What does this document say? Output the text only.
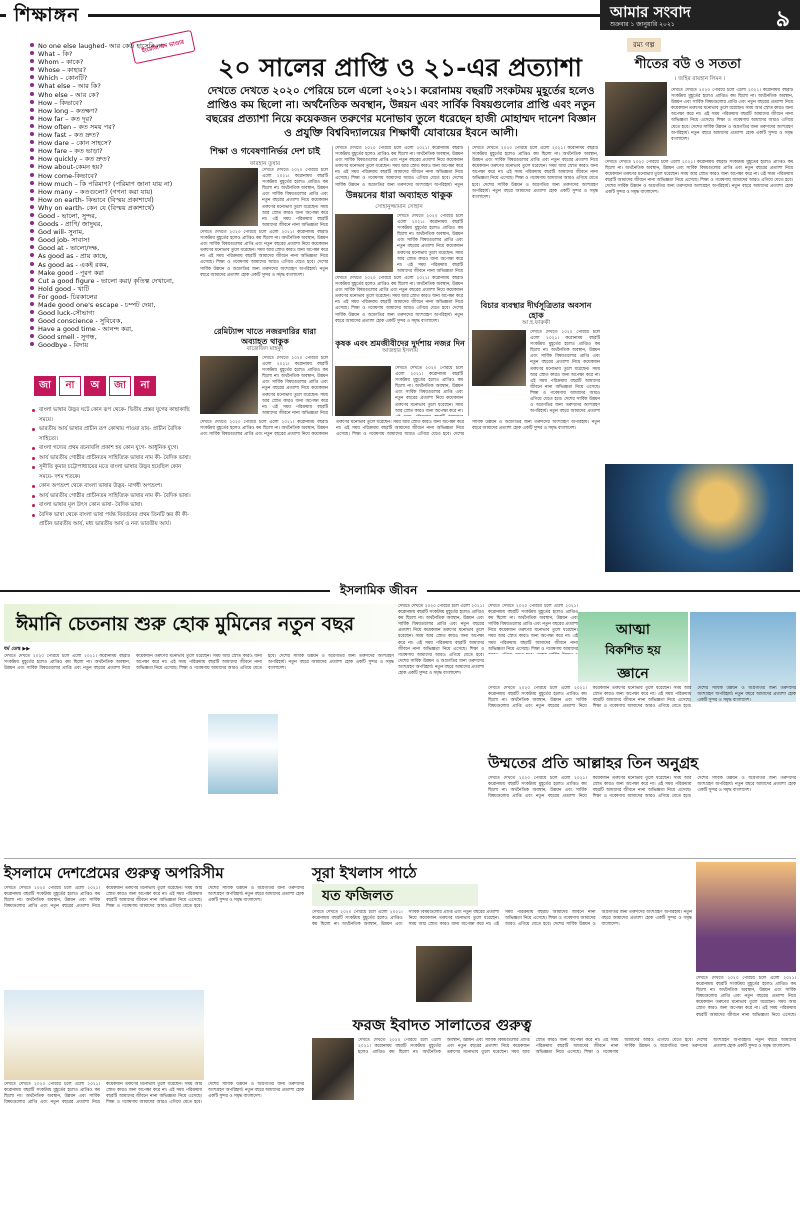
শিক্ষাঙ্গন	আমার সংবাদ
শুক্রবার ১ জানুয়ারি ২০২১	৯
ইংরেজি শব্দ ভাণ্ডার
No one else laughed- আর কেউ হাসেনি না।
What – কি?
Whom – কাকে?
Whose – কাহার?
Which – কোনটি?
What else – আর কি?
Who else – আর কে?
How – কিভাবে?
How long – কতক্ষণ?
How far – কত দূর?
How often – কত সময় পর?
How fast – কত দ্রুত?
How dare – কোন সাহসে?
How fare – কত ভাড়া?
How quickly – কত দ্রুত?
How about-কেমন হয়?
How come-কিভাবে?
How much – কি পরিমাণ? (পরিমাণ জানা যায় না)
How many – কতগুলো? (গণনা করা যায়)
How on earth- কিভাবে (বিস্ময় প্রকাশার্থে)
Why on earth- কেন যে (বিস্ময় প্রকাশার্থে)
Good - ভালো, সুন্দর,
Goods - প্রাণি/ জাদুঘর,
God will- সুনাম,
Good job- সাবাস!
Good at - ভালো/দক্ষ,
As good as - প্রায় কাছে,
As good as - একই রকম,
Make good - পূরণ করা
Cut a good figure - ভালো করা/ কৃতিত্ব দেখানো,
Hold good - খাটি
For good- চিরকালের
Made good one's escape - চম্পট দেয়া,
Good luck-সৌভাগ্য
Good conscience - সুবিবেক,
Have a good time - আনন্দ করা,
Good smell - সুগন্ধ,
Goodbye - বিদায়
জা	না	অ	জা	না
বাংলা ভাষার উদ্ভব ঘটে কোন রূপ থেকে- দ্বিতীয় প্রস্তর যুগের কাছাকাছি সময়ে।
ভারতীয় আর্য ভাষার প্রাচীন রূপ কোথায় পাওয়া যায়- প্রাচীন বৈদিক সাহিত্যে।
বাংলা গদ্যের প্রথম রচনাবলি প্রকাশ হয় কোন যুগে- আধুনিক যুগে।
আর্য ভারতীয় গোষ্ঠীর প্রাচীনতম সাহিত্যিক ভাষার নাম কী- বৈদিক ভাষা।
সূনীতি কুমার চট্টোপাধ্যায়ের মতে বাংলা ভাষার উদ্ভব হয়েছিল কোন সময়ে- দশম শতকে।
কোন অপভ্রংশ থেকে বাংলা ভাষার উদ্ভব- মাগধী অপভ্রংশ।
আর্য ভারতীয় গোষ্ঠীর প্রাচীনতম সাহিত্যিক ভাষার নাম কী- বৈদিক ভাষা।
বাংলা ভাষার মূল উৎস কোন ভাষা- বৈদিক ভাষা।
বৈদিক ভাষা থেকে বাংলা ভাষা পর্যন্ত বিবর্তনের প্রথম তিনটি স্তর কী কী- প্রাচীন ভারতীয় আর্য, মধ্য ভারতীয় আর্য ও নব্য ভারতীয় আর্য।
২০ সালের প্রাপ্তি ও ২১-এর প্রত্যাশা
দেখতে দেখতে ২০২০ পেরিয়ে চলে এলো ২০২১। করোনাময় বছরটি সংকটময় মুহূর্তের হলেও প্রাপ্তিও কম ছিলো না। অর্থনৈতিক অবস্থান, উন্নয়ন এবং সার্বিক বিষয়গুলোর প্রাপ্তি এবং নতুন বছরের প্রত্যাশা নিয়ে কয়েকজন তরুণের মনোভাব তুলে ধরেছেন হাজী মোহাম্মদ দানেশ বিজ্ঞান ও প্রযুক্তি বিশ্ববিদ্যালয়ের শিক্ষার্থী যোবায়ের ইবনে আলী।
শিক্ষা ও গবেষণানির্ভর দেশ চাই
ফারহান তুষার
দেখতে দেখতে ২০২০ পেরিয়ে চলে এলো ২০২১। করোনাময় বছরটি সংকটময় মুহূর্তের হলেও প্রাপ্তিও কম ছিলো না। অর্থনৈতিক অবস্থান, উন্নয়ন এবং সার্বিক বিষয়গুলোর প্রাপ্তি এবং নতুন বছরের প্রত্যাশা নিয়ে কয়েকজন তরুণের মনোভাব তুলে ধরেছেন। সময় আর স্রোত কারও জন্য অপেক্ষা করে না। এই সময় পরিক্রমায় বছরটি আমাদের জীবনে নানা অভিজ্ঞতা নিয়ে
দেখতে দেখতে ২০২০ পেরিয়ে চলে এলো ২০২১। করোনাময় বছরটি সংকটময় মুহূর্তের হলেও প্রাপ্তিও কম ছিলো না। অর্থনৈতিক অবস্থান, উন্নয়ন এবং সার্বিক বিষয়গুলোর প্রাপ্তি এবং নতুন বছরের প্রত্যাশা নিয়ে কয়েকজন তরুণের মনোভাব তুলে ধরেছেন। সময় আর স্রোত কারও জন্য অপেক্ষা করে না। এই সময় পরিক্রমায় বছরটি আমাদের জীবনে নানা অভিজ্ঞতা নিয়ে এসেছে। শিক্ষা ও গবেষণায় আমাদের আরও এগিয়ে যেতে হবে। দেশের সার্বিক উন্নয়ন ও অগ্রগতির জন্য তরুণদের অংশগ্রহণ অপরিহার্য। নতুন বছরে আমাদের প্রত্যাশা হোক একটি সুন্দর ও সমৃদ্ধ বাংলাদেশ।
দেখতে দেখতে ২০২০ পেরিয়ে চলে এলো ২০২১। করোনাময় বছরটি সংকটময় মুহূর্তের হলেও প্রাপ্তিও কম ছিলো না। অর্থনৈতিক অবস্থান, উন্নয়ন এবং সার্বিক বিষয়গুলোর প্রাপ্তি এবং নতুন বছরের প্রত্যাশা নিয়ে কয়েকজন তরুণের মনোভাব তুলে ধরেছেন। সময় আর স্রোত কারও জন্য অপেক্ষা করে না। এই সময় পরিক্রমায় বছরটি আমাদের জীবনে নানা অভিজ্ঞতা নিয়ে এসেছে। শিক্ষা ও গবেষণায় আমাদের আরও এগিয়ে যেতে হবে। দেশের সার্বিক উন্নয়ন ও অগ্রগতির জন্য তরুণদের অংশগ্রহণ অপরিহার্য। নতুন
উন্নয়নের ধারা অব্যাহত থাকুক
সোহানুজ্জামান সোহান
দেখতে দেখতে ২০২০ পেরিয়ে চলে এলো ২০২১। করোনাময় বছরটি সংকটময় মুহূর্তের হলেও প্রাপ্তিও কম ছিলো না। অর্থনৈতিক অবস্থান, উন্নয়ন এবং সার্বিক বিষয়গুলোর প্রাপ্তি এবং নতুন বছরের প্রত্যাশা নিয়ে কয়েকজন তরুণের মনোভাব তুলে ধরেছেন। সময় আর স্রোত কারও জন্য অপেক্ষা করে না। এই সময় পরিক্রমায় বছরটি আমাদের জীবনে নানা অভিজ্ঞতা নিয়ে
দেখতে দেখতে ২০২০ পেরিয়ে চলে এলো ২০২১। করোনাময় বছরটি সংকটময় মুহূর্তের হলেও প্রাপ্তিও কম ছিলো না। অর্থনৈতিক অবস্থান, উন্নয়ন এবং সার্বিক বিষয়গুলোর প্রাপ্তি এবং নতুন বছরের প্রত্যাশা নিয়ে কয়েকজন তরুণের মনোভাব তুলে ধরেছেন। সময় আর স্রোত কারও জন্য অপেক্ষা করে না। এই সময় পরিক্রমায় বছরটি আমাদের জীবনে নানা অভিজ্ঞতা নিয়ে এসেছে। শিক্ষা ও গবেষণায় আমাদের আরও এগিয়ে যেতে হবে। দেশের সার্বিক উন্নয়ন ও অগ্রগতির জন্য তরুণদের অংশগ্রহণ অপরিহার্য। নতুন বছরে আমাদের প্রত্যাশা হোক একটি সুন্দর ও সমৃদ্ধ বাংলাদেশ।
রেমিট্যান্স খাতে নজরদারির ধারা অব্যাহত থাকুক
বাজেজিদ মাহমুদ
দেখতে দেখতে ২০২০ পেরিয়ে চলে এলো ২০২১। করোনাময় বছরটি সংকটময় মুহূর্তের হলেও প্রাপ্তিও কম ছিলো না। অর্থনৈতিক অবস্থান, উন্নয়ন এবং সার্বিক বিষয়গুলোর প্রাপ্তি এবং নতুন বছরের প্রত্যাশা নিয়ে কয়েকজন তরুণের মনোভাব তুলে ধরেছেন। সময় আর স্রোত কারও জন্য অপেক্ষা করে না। এই সময় পরিক্রমায় বছরটি আমাদের জীবনে নানা অভিজ্ঞতা নিয়ে
দেখতে দেখতে ২০২০ পেরিয়ে চলে এলো ২০২১। করোনাময় বছরটি সংকটময় মুহূর্তের হলেও প্রাপ্তিও কম ছিলো না। অর্থনৈতিক অবস্থান, উন্নয়ন এবং সার্বিক বিষয়গুলোর প্রাপ্তি এবং নতুন বছরের প্রত্যাশা নিয়ে কয়েকজন তরুণের মনোভাব তুলে ধরেছেন। সময় আর স্রোত কারও জন্য অপেক্ষা করে না। এই সময় পরিক্রমায় বছরটি আমাদের জীবনে নানা অভিজ্ঞতা নিয়ে এসেছে। শিক্ষা ও গবেষণায় আমাদের আরও এগিয়ে যেতে হবে। দেশের সার্বিক উন্নয়ন ও অগ্রগতির জন্য তরুণদের অংশগ্রহণ অপরিহার্য। নতুন বছরে আমাদের প্রত্যাশা হোক একটি সুন্দর ও সমৃদ্ধ বাংলাদেশ।
বিচার ব্যবস্থার দীর্ঘসূত্রিতার অবসান হোক
আ.হ.ফারুকী
দেখতে দেখতে ২০২০ পেরিয়ে চলে এলো ২০২১। করোনাময় বছরটি সংকটময় মুহূর্তের হলেও প্রাপ্তিও কম ছিলো না। অর্থনৈতিক অবস্থান, উন্নয়ন এবং সার্বিক বিষয়গুলোর প্রাপ্তি এবং নতুন বছরের প্রত্যাশা নিয়ে কয়েকজন তরুণের মনোভাব তুলে ধরেছেন। সময় আর স্রোত কারও জন্য অপেক্ষা করে না। এই সময় পরিক্রমায় বছরটি আমাদের জীবনে নানা অভিজ্ঞতা নিয়ে এসেছে। শিক্ষা ও গবেষণায় আমাদের আরও এগিয়ে যেতে হবে। দেশের সার্বিক উন্নয়ন ও অগ্রগতির জন্য তরুণদের অংশগ্রহণ অপরিহার্য। নতুন বছরে আমাদের প্রত্যাশা
কৃষক এবং শ্রমজীবীদের দুর্দশায় নজর দিন
আজহার ইসলাম
দেখতে দেখতে ২০২০ পেরিয়ে চলে এলো ২০২১। করোনাময় বছরটি সংকটময় মুহূর্তের হলেও প্রাপ্তিও কম ছিলো না। অর্থনৈতিক অবস্থান, উন্নয়ন এবং সার্বিক বিষয়গুলোর প্রাপ্তি এবং নতুন বছরের প্রত্যাশা নিয়ে কয়েকজন তরুণের মনোভাব তুলে ধরেছেন। সময় আর স্রোত কারও জন্য অপেক্ষা করে না।
দেখতে দেখতে ২০২০ পেরিয়ে চলে এলো ২০২১। করোনাময় বছরটি সংকটময় মুহূর্তের হলেও প্রাপ্তিও কম ছিলো না। অর্থনৈতিক অবস্থান, উন্নয়ন এবং সার্বিক বিষয়গুলোর প্রাপ্তি এবং নতুন বছরের প্রত্যাশা নিয়ে কয়েকজন তরুণের মনোভাব তুলে ধরেছেন। সময় আর স্রোত কারও জন্য অপেক্ষা করে না। এই সময় পরিক্রমায় বছরটি আমাদের জীবনে নানা অভিজ্ঞতা নিয়ে এসেছে। শিক্ষা ও গবেষণায় আমাদের আরও এগিয়ে যেতে হবে। দেশের সার্বিক উন্নয়ন ও অগ্রগতির জন্য তরুণদের অংশগ্রহণ অপরিহার্য। নতুন বছরে আমাদের প্রত্যাশা হোক একটি সুন্দর ও সমৃদ্ধ বাংলাদেশ।
রম্য গল্প
শীতের বউ ও সততা
। জহির রায়হান লিমন ।
দেখতে দেখতে ২০২০ পেরিয়ে চলে এলো ২০২১। করোনাময় বছরটি সংকটময় মুহূর্তের হলেও প্রাপ্তিও কম ছিলো না। অর্থনৈতিক অবস্থান, উন্নয়ন এবং সার্বিক বিষয়গুলোর প্রাপ্তি এবং নতুন বছরের প্রত্যাশা নিয়ে কয়েকজন তরুণের মনোভাব তুলে ধরেছেন। সময় আর স্রোত কারও জন্য অপেক্ষা করে না। এই সময় পরিক্রমায় বছরটি আমাদের জীবনে নানা অভিজ্ঞতা নিয়ে এসেছে। শিক্ষা ও গবেষণায় আমাদের আরও এগিয়ে যেতে হবে। দেশের সার্বিক উন্নয়ন ও অগ্রগতির জন্য তরুণদের অংশগ্রহণ অপরিহার্য। নতুন বছরে আমাদের প্রত্যাশা হোক একটি সুন্দর ও সমৃদ্ধ বাংলাদেশ।
দেখতে দেখতে ২০২০ পেরিয়ে চলে এলো ২০২১। করোনাময় বছরটি সংকটময় মুহূর্তের হলেও প্রাপ্তিও কম ছিলো না। অর্থনৈতিক অবস্থান, উন্নয়ন এবং সার্বিক বিষয়গুলোর প্রাপ্তি এবং নতুন বছরের প্রত্যাশা নিয়ে কয়েকজন তরুণের মনোভাব তুলে ধরেছেন। সময় আর স্রোত কারও জন্য অপেক্ষা করে না। এই সময় পরিক্রমায় বছরটি আমাদের জীবনে নানা অভিজ্ঞতা নিয়ে এসেছে। শিক্ষা ও গবেষণায় আমাদের আরও এগিয়ে যেতে হবে। দেশের সার্বিক উন্নয়ন ও অগ্রগতির জন্য তরুণদের অংশগ্রহণ অপরিহার্য। নতুন বছরে আমাদের প্রত্যাশা হোক একটি সুন্দর ও সমৃদ্ধ বাংলাদেশ।
ইসলামিক জীবন
ঈমানি চেতনায় শুরু হোক মুমিনের নতুন বছর
ধর্ম ডেস্ক ▶▶
দেখতে দেখতে ২০২০ পেরিয়ে চলে এলো ২০২১। করোনাময় বছরটি সংকটময় মুহূর্তের হলেও প্রাপ্তিও কম ছিলো না। অর্থনৈতিক অবস্থান, উন্নয়ন এবং সার্বিক বিষয়গুলোর প্রাপ্তি এবং নতুন বছরের প্রত্যাশা নিয়ে কয়েকজন তরুণের মনোভাব তুলে ধরেছেন। সময় আর স্রোত কারও জন্য অপেক্ষা করে না। এই সময় পরিক্রমায় বছরটি আমাদের জীবনে নানা অভিজ্ঞতা নিয়ে এসেছে। শিক্ষা ও গবেষণায় আমাদের আরও এগিয়ে যেতে হবে। দেশের সার্বিক উন্নয়ন ও অগ্রগতির জন্য তরুণদের অংশগ্রহণ অপরিহার্য। নতুন বছরে আমাদের প্রত্যাশা হোক একটি সুন্দর ও সমৃদ্ধ বাংলাদেশ।
দেখতে দেখতে ২০২০ পেরিয়ে চলে এলো ২০২১। করোনাময় বছরটি সংকটময় মুহূর্তের হলেও প্রাপ্তিও কম ছিলো না। অর্থনৈতিক অবস্থান, উন্নয়ন এবং সার্বিক বিষয়গুলোর প্রাপ্তি এবং নতুন বছরের প্রত্যাশা নিয়ে কয়েকজন তরুণের মনোভাব তুলে ধরেছেন। সময় আর স্রোত কারও জন্য অপেক্ষা করে না। এই সময় পরিক্রমায় বছরটি আমাদের জীবনে নানা অভিজ্ঞতা নিয়ে এসেছে। শিক্ষা ও গবেষণায় আমাদের আরও এগিয়ে যেতে হবে। দেশের সার্বিক উন্নয়ন ও অগ্রগতির জন্য তরুণদের অংশগ্রহণ অপরিহার্য। নতুন বছরে আমাদের প্রত্যাশা হোক একটি সুন্দর ও সমৃদ্ধ বাংলাদেশ।
দেখতে দেখতে ২০২০ পেরিয়ে চলে এলো ২০২১। করোনাময় বছরটি সংকটময় মুহূর্তের হলেও প্রাপ্তিও কম ছিলো না। অর্থনৈতিক অবস্থান, উন্নয়ন এবং সার্বিক বিষয়গুলোর প্রাপ্তি এবং নতুন বছরের প্রত্যাশা নিয়ে কয়েকজন তরুণের মনোভাব তুলে ধরেছেন। সময় আর স্রোত কারও জন্য অপেক্ষা করে না। এই সময় পরিক্রমায় বছরটি আমাদের জীবনে নানা অভিজ্ঞতা নিয়ে এসেছে। শিক্ষা ও গবেষণায় আমাদের
আত্মা
বিকশিত হয়
জ্ঞানে
দেখতে দেখতে ২০২০ পেরিয়ে চলে এলো ২০২১। করোনাময় বছরটি সংকটময় মুহূর্তের হলেও প্রাপ্তিও কম ছিলো না। অর্থনৈতিক অবস্থান, উন্নয়ন এবং সার্বিক বিষয়গুলোর প্রাপ্তি এবং নতুন বছরের প্রত্যাশা নিয়ে কয়েকজন তরুণের মনোভাব তুলে ধরেছেন। সময় আর স্রোত কারও জন্য অপেক্ষা করে না। এই সময় পরিক্রমায় বছরটি আমাদের জীবনে নানা অভিজ্ঞতা নিয়ে এসেছে। শিক্ষা ও গবেষণায় আমাদের আরও এগিয়ে যেতে হবে। দেশের সার্বিক উন্নয়ন ও অগ্রগতির জন্য তরুণদের অংশগ্রহণ অপরিহার্য। নতুন বছরে আমাদের প্রত্যাশা হোক একটি সুন্দর ও সমৃদ্ধ বাংলাদেশ।
উম্মতের প্রতি আল্লাহর তিন অনুগ্রহ
দেখতে দেখতে ২০২০ পেরিয়ে চলে এলো ২০২১। করোনাময় বছরটি সংকটময় মুহূর্তের হলেও প্রাপ্তিও কম ছিলো না। অর্থনৈতিক অবস্থান, উন্নয়ন এবং সার্বিক বিষয়গুলোর প্রাপ্তি এবং নতুন বছরের প্রত্যাশা নিয়ে কয়েকজন তরুণের মনোভাব তুলে ধরেছেন। সময় আর স্রোত কারও জন্য অপেক্ষা করে না। এই সময় পরিক্রমায় বছরটি আমাদের জীবনে নানা অভিজ্ঞতা নিয়ে এসেছে। শিক্ষা ও গবেষণায় আমাদের আরও এগিয়ে যেতে হবে। দেশের সার্বিক উন্নয়ন ও অগ্রগতির জন্য তরুণদের অংশগ্রহণ অপরিহার্য। নতুন বছরে আমাদের প্রত্যাশা হোক একটি সুন্দর ও সমৃদ্ধ বাংলাদেশ।
ইসলামে দেশপ্রেমের গুরুত্ব অপরিসীম
দেখতে দেখতে ২০২০ পেরিয়ে চলে এলো ২০২১। করোনাময় বছরটি সংকটময় মুহূর্তের হলেও প্রাপ্তিও কম ছিলো না। অর্থনৈতিক অবস্থান, উন্নয়ন এবং সার্বিক বিষয়গুলোর প্রাপ্তি এবং নতুন বছরের প্রত্যাশা নিয়ে কয়েকজন তরুণের মনোভাব তুলে ধরেছেন। সময় আর স্রোত কারও জন্য অপেক্ষা করে না। এই সময় পরিক্রমায় বছরটি আমাদের জীবনে নানা অভিজ্ঞতা নিয়ে এসেছে। শিক্ষা ও গবেষণায় আমাদের আরও এগিয়ে যেতে হবে। দেশের সার্বিক উন্নয়ন ও অগ্রগতির জন্য তরুণদের অংশগ্রহণ অপরিহার্য। নতুন বছরে আমাদের প্রত্যাশা হোক একটি সুন্দর ও সমৃদ্ধ বাংলাদেশ।
দেখতে দেখতে ২০২০ পেরিয়ে চলে এলো ২০২১। করোনাময় বছরটি সংকটময় মুহূর্তের হলেও প্রাপ্তিও কম ছিলো না। অর্থনৈতিক অবস্থান, উন্নয়ন এবং সার্বিক বিষয়গুলোর প্রাপ্তি এবং নতুন বছরের প্রত্যাশা নিয়ে কয়েকজন তরুণের মনোভাব তুলে ধরেছেন। সময় আর স্রোত কারও জন্য অপেক্ষা করে না। এই সময় পরিক্রমায় বছরটি আমাদের জীবনে নানা অভিজ্ঞতা নিয়ে এসেছে। শিক্ষা ও গবেষণায় আমাদের আরও এগিয়ে যেতে হবে। দেশের সার্বিক উন্নয়ন ও অগ্রগতির জন্য তরুণদের অংশগ্রহণ অপরিহার্য। নতুন বছরে আমাদের প্রত্যাশা হোক একটি সুন্দর ও সমৃদ্ধ বাংলাদেশ।
সূরা ইখলাস পাঠে
যত ফজিলত
দেখতে দেখতে ২০২০ পেরিয়ে চলে এলো ২০২১। করোনাময় বছরটি সংকটময় মুহূর্তের হলেও প্রাপ্তিও কম ছিলো না। অর্থনৈতিক অবস্থান, উন্নয়ন এবং সার্বিক বিষয়গুলোর প্রাপ্তি এবং নতুন বছরের প্রত্যাশা নিয়ে কয়েকজন তরুণের মনোভাব তুলে ধরেছেন। সময় আর স্রোত কারও জন্য অপেক্ষা করে না। এই সময় পরিক্রমায় বছরটি আমাদের জীবনে নানা অভিজ্ঞতা নিয়ে এসেছে। শিক্ষা ও গবেষণায় আমাদের আরও এগিয়ে যেতে হবে। দেশের সার্বিক উন্নয়ন ও অগ্রগতির জন্য তরুণদের অংশগ্রহণ অপরিহার্য। নতুন বছরে আমাদের প্রত্যাশা হোক একটি সুন্দর ও সমৃদ্ধ বাংলাদেশ।
দেখতে দেখতে ২০২০ পেরিয়ে চলে এলো ২০২১। করোনাময় বছরটি সংকটময় মুহূর্তের হলেও প্রাপ্তিও কম ছিলো না। অর্থনৈতিক অবস্থান, উন্নয়ন এবং সার্বিক বিষয়গুলোর প্রাপ্তি এবং নতুন বছরের প্রত্যাশা নিয়ে কয়েকজন তরুণের মনোভাব তুলে ধরেছেন। সময় আর স্রোত কারও জন্য অপেক্ষা করে না। এই সময় পরিক্রমায় বছরটি আমাদের জীবনে নানা অভিজ্ঞতা নিয়ে এসেছে।
ফরজ ইবাদত সালাতের গুরুত্ব
দেখতে দেখতে ২০২০ পেরিয়ে চলে এলো ২০২১। করোনাময় বছরটি সংকটময় মুহূর্তের হলেও প্রাপ্তিও কম ছিলো না। অর্থনৈতিক অবস্থান, উন্নয়ন এবং সার্বিক বিষয়গুলোর প্রাপ্তি এবং নতুন বছরের প্রত্যাশা নিয়ে কয়েকজন তরুণের মনোভাব তুলে ধরেছেন। সময় আর স্রোত কারও জন্য অপেক্ষা করে না। এই সময় পরিক্রমায় বছরটি আমাদের জীবনে নানা অভিজ্ঞতা নিয়ে এসেছে। শিক্ষা ও গবেষণায় আমাদের আরও এগিয়ে যেতে হবে। দেশের সার্বিক উন্নয়ন ও অগ্রগতির জন্য তরুণদের অংশগ্রহণ অপরিহার্য। নতুন বছরে আমাদের প্রত্যাশা হোক একটি সুন্দর ও সমৃদ্ধ বাংলাদেশ।
